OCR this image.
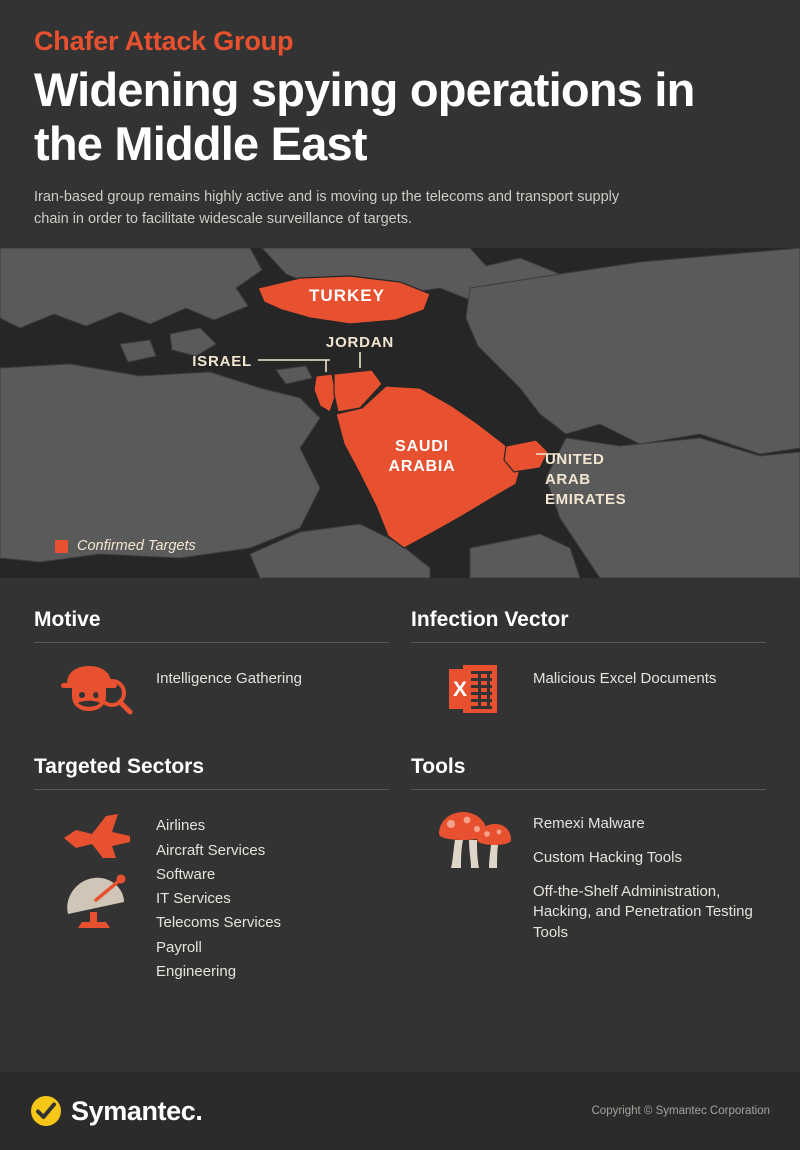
Chafer Attack Group
Widening spying operations in the Middle East
Iran-based group remains highly active and is moving up the telecoms and transport supply chain in order to facilitate widescale surveillance of targets.
TURKEY
ISRAEL
JORDAN
SAUDI
ARABIA	UNITED
ARAB
EMIRATES
Confirmed Targets
Motive
Intelligence Gathering
Infection Vector
X	Malicious Excel Documents
Targeted Sectors
Airlines
Aircraft Services
Software
IT Services
Telecoms Services
Payroll
Engineering
Tools
Remexi Malware
Custom Hacking Tools
Off-the-Shelf Administration, Hacking, and Penetration Testing Tools
Symantec.	Copyright © Symantec Corporation
